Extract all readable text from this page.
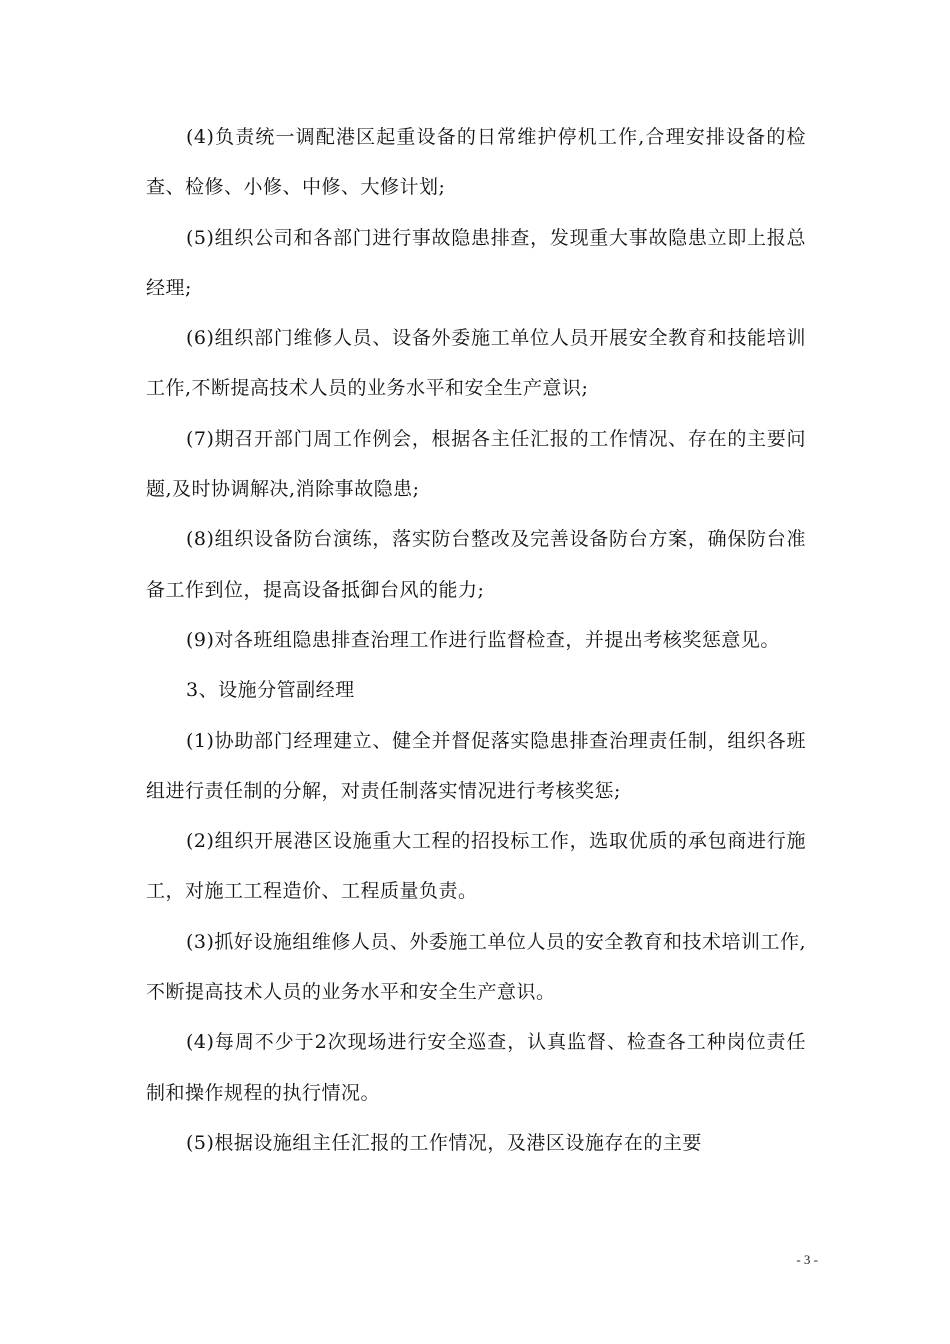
(4)负责统一调配港区起重设备的日常维护停机工作,合理安排设备的检查、检修、小修、中修、大修计划;

(5)组织公司和各部门进行事故隐患排查，发现重大事故隐患立即上报总经理;

(6)组织部门维修人员、设备外委施工单位人员开展安全教育和技能培训工作,不断提高技术人员的业务水平和安全生产意识;

(7)期召开部门周工作例会，根据各主任汇报的工作情况、存在的主要问题,及时协调解决,消除事故隐患;

(8)组织设备防台演练，落实防台整改及完善设备防台方案，确保防台准备工作到位，提高设备抵御台风的能力;

(9)对各班组隐患排查治理工作进行监督检查，并提出考核奖惩意见。

3、设施分管副经理

(1)协助部门经理建立、健全并督促落实隐患排查治理责任制，组织各班组进行责任制的分解，对责任制落实情况进行考核奖惩;

(2)组织开展港区设施重大工程的招投标工作，选取优质的承包商进行施工，对施工工程造价、工程质量负责。

(3)抓好设施组维修人员、外委施工单位人员的安全教育和技术培训工作,不断提高技术人员的业务水平和安全生产意识。

(4)每周不少于2次现场进行安全巡查，认真监督、检查各工种岗位责任制和操作规程的执行情况。

(5)根据设施组主任汇报的工作情况，及港区设施存在的主要

- 3 -
